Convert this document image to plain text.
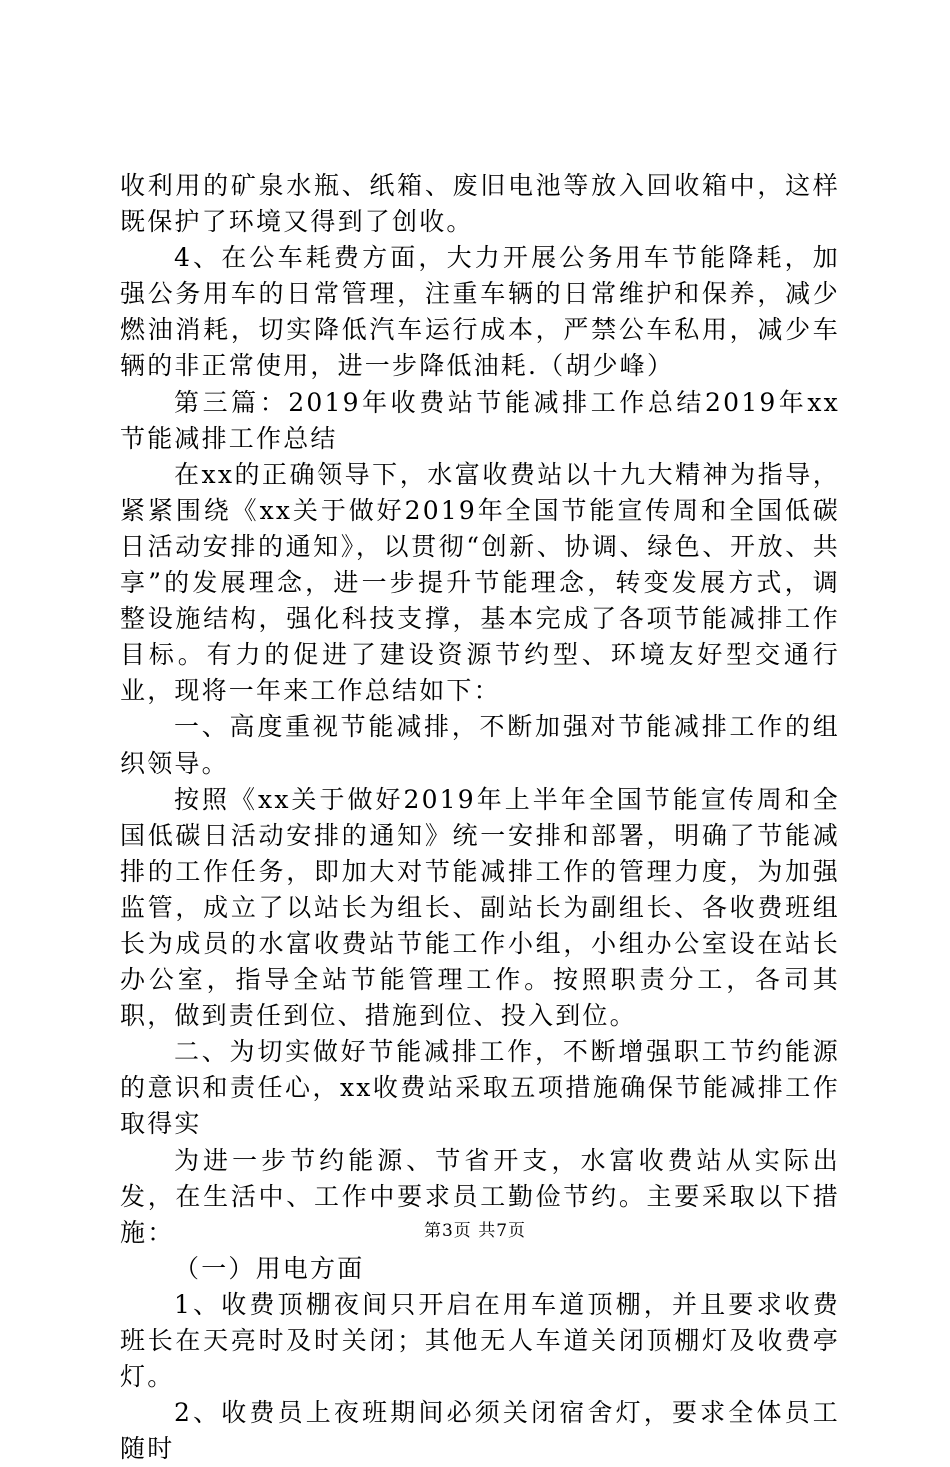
收利用的矿泉水瓶、纸箱、废旧电池等放入回收箱中，这样既保护了环境又得到了创收。

4、在公车耗费方面，大力开展公务用车节能降耗，加强公务用车的日常管理，注重车辆的日常维护和保养，减少燃油消耗，切实降低汽车运行成本，严禁公车私用，减少车辆的非正常使用，进一步降低油耗.（胡少峰）

第三篇：2019年收费站节能减排工作总结2019年xx节能减排工作总结

在xx的正确领导下，水富收费站以十九大精神为指导，紧紧围绕《xx关于做好2019年全国节能宣传周和全国低碳日活动安排的通知》，以贯彻“创新、协调、绿色、开放、共享”的发展理念，进一步提升节能理念，转变发展方式，调整设施结构，强化科技支撑，基本完成了各项节能减排工作目标。有力的促进了建设资源节约型、环境友好型交通行业，现将一年来工作总结如下：

一、高度重视节能减排，不断加强对节能减排工作的组织领导。

按照《xx关于做好2019年上半年全国节能宣传周和全国低碳日活动安排的通知》统一安排和部署，明确了节能减排的工作任务，即加大对节能减排工作的管理力度，为加强监管，成立了以站长为组长、副站长为副组长、各收费班组长为成员的水富收费站节能工作小组，小组办公室设在站长办公室，指导全站节能管理工作。按照职责分工，各司其职，做到责任到位、措施到位、投入到位。

二、为切实做好节能减排工作，不断增强职工节约能源的意识和责任心，xx收费站采取五项措施确保节能减排工作取得实

为进一步节约能源、节省开支，水富收费站从实际出发，在生活中、工作中要求员工勤俭节约。主要采取以下措施：

（一）用电方面

1、收费顶棚夜间只开启在用车道顶棚，并且要求收费班长在天亮时及时关闭；其他无人车道关闭顶棚灯及收费亭灯。

2、收费员上夜班期间必须关闭宿舍灯，要求全体员工随时

第3页 共7页
